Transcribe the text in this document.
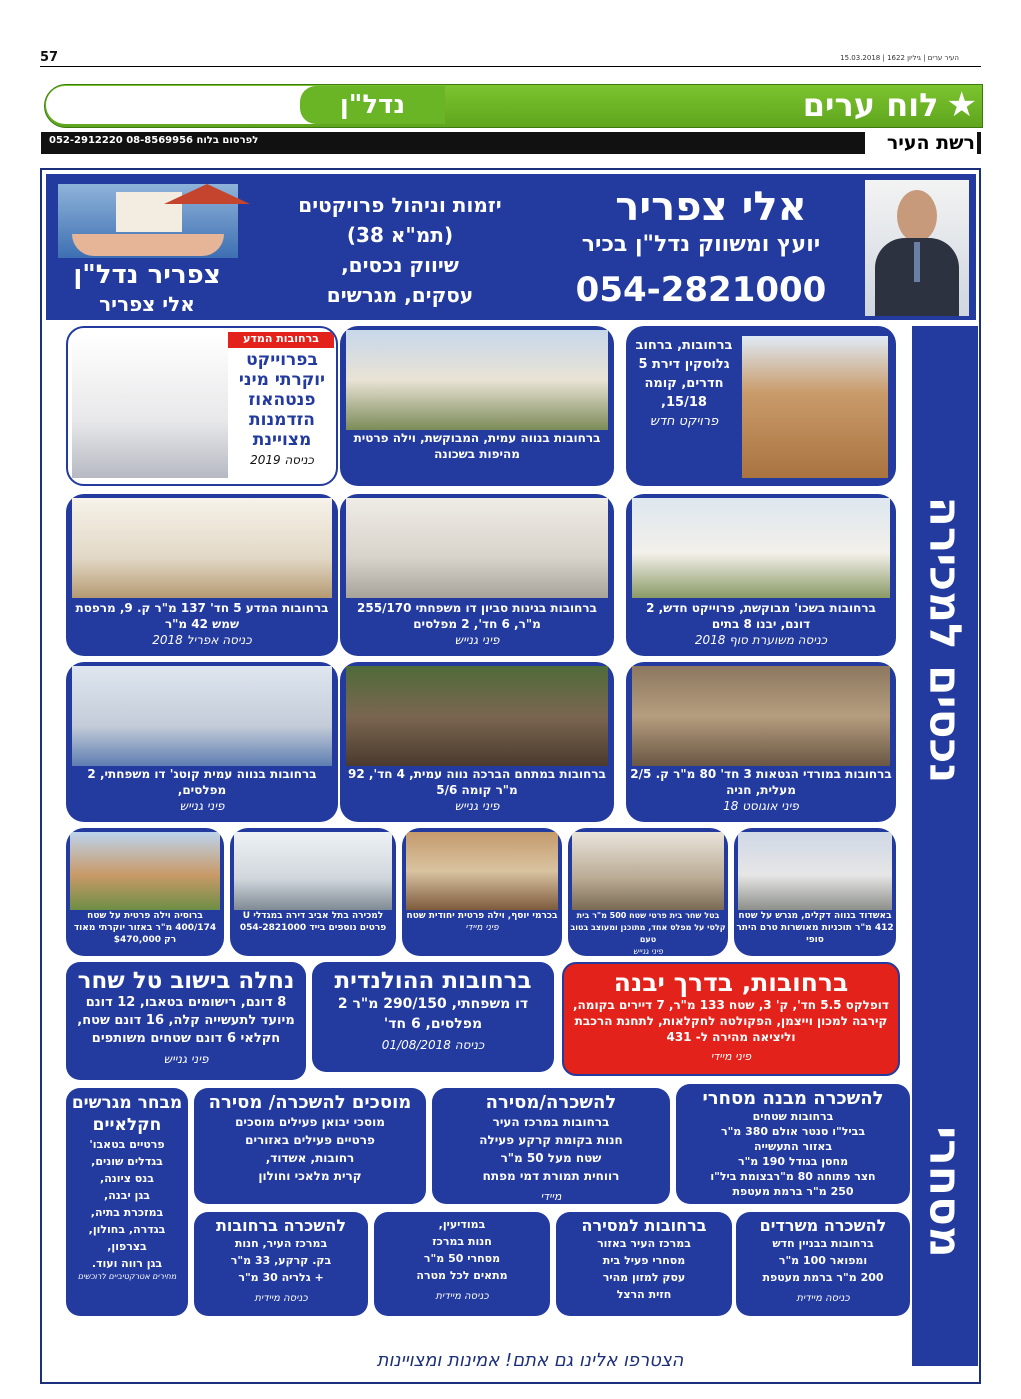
57	העיר ערים | גיליון 1622 | 15.03.2018
נדל"ן	★
לוח ערים
רשת העיר
לפרסום בלוח 08-8569956 052-2912220
אלי צפריר
יועץ ומשווק נדל"ן בכיר
054-2821000
יזמות וניהול פרויקטים
(תמ"א 38)
שיווק נכסים,
עסקים, מגרשים
צפריר נדל"ן
אלי צפריר
נכסים למכירה
מסחרי
ברחובות, ברחוב גלוסקין דירת 5 חדרים, קומה 15/18,
פרויקט חדש
ברחובות בנווה עמית, המבוקשת, וילה פרטית מהיפות בשכונה
ברחובות המדע
בפרוייקט יוקרתי מיני פנטהאוז הזדמנות מצויינת
כניסה 2019
ברחובות בשכו' מבוקשת, פרוייקט חדש, 2 דונם, יבנו 8 בתים
כניסה משוערת סוף 2018
ברחובות בגינות סביון דו משפחתי 255/170 מ"ר, 6 חד', 2 מפלסים
פיני גנייש
ברחובות המדע 5 חד' 137 מ"ר ק. 9, מרפסת שמש 42 מ"ר
כניסה אפריל 2018
ברחובות במורדי הגטאות 3 חד' 80 מ"ר ק. 2/5 מעלית, חניה
פיני אוגוסט 18
ברחובות במתחם הברכה נווה עמית, 4 חד', 92 מ"ר קומה 5/6
פיני גנייש
ברחובות בנווה עמית קוטג' דו משפחתי, 2 מפלסים,
פיני גנייש
באשדוד בנווה דקלים, מגרש על שטח 412 מ"ר תוכניות מאושרות טרם היתר סופי
בטל שחר בית פרטי שטח 500 מ"ר בית קלסי על מפלס אחד, מתוכנן ומעוצב בטוב טעם
פיני גנייש
בכרמי יוסף, וילה פרטית יחודית שטח
פיני מיידי
למכירה בתל אביב דירה במגדלי U פרטים נוספים בייד 054-2821000
ברוסיה וילה פרטית על שטח 400/174 מ"ר באזור יוקרתי מאוד רק $470,000
ברחובות, בדרך יבנה
דופלקס 5.5 חד', ק' 3, שטח 133 מ"ר, 7 דיירים בקומה, קירבה למכון וייצמן, הפקולטה לחקלאות, לתחנת הרכבת וליציאה מהירה ל- 431
פיני מיידי
ברחובות ההולנדית
דו משפחתי, 290/150 מ"ר 2 מפלסים, 6 חד'
כניסה 01/08/2018
נחלה בישוב טל שחר
8 דונם, רישומים בטאבו, 12 דונם מיועד לתעשייה קלה, 16 דונם שטח, חקלאי 6 דונם שטחים משותפים
פיני גנייש
להשכרה מבנה מסחרי
ברחובות שטחים
בביל"ו סנטר אולם 380 מ"ר
באזור התעשייה
מחסן בגודל 190 מ"ר
חצר פתוחה 80 מ"רבצומת ביל"ו
250 מ"ר ברמת מעטפת
להשכרה/מסירה
ברחובות במרכז העיר
חנות בקומת קרקע פעילה
שטח מעל 50 מ"ר
רווחית תמורת דמי מפתח
מיידי
מוסכים להשכרה/ מסירה
מוסכי יבואן פעילים מוסכים
פרטיים פעילים באזורים
רחובות, אשדוד,
קרית מלאכי וחולון
מבחר מגרשים חקלאיים
פרטיים בטאבו'
בגדלים שונים,
בנס ציונה,
בגן יבנה,
במזכרת בתיה,
בגדרה, בחולון,
בצרפון,
בגן רווה ועוד.
מחירים אטרקטיביים לרוכשים
להשכרה משרדים
ברחובות בבניין חדש
ומפואר 100 מ"ר
200 מ"ר ברמת מעטפת
כניסה מיידית
ברחובות למסירה
במרכז העיר באזור
מסחרי פעיל בית
עסק למזון מהיר
חזית הרצל
במודיעין,
חנות במרכז
מסחרי 50 מ"ר
מתאים לכל מטרה
כניסה מיידית
להשכרה ברחובות
במרכז העיר, חנות
בק. קרקע, 33 מ"ר
+ גלריה 30 מ"ר
כניסה מיידית
הצטרפו אלינו גם אתם! אמינות ומצויינות
